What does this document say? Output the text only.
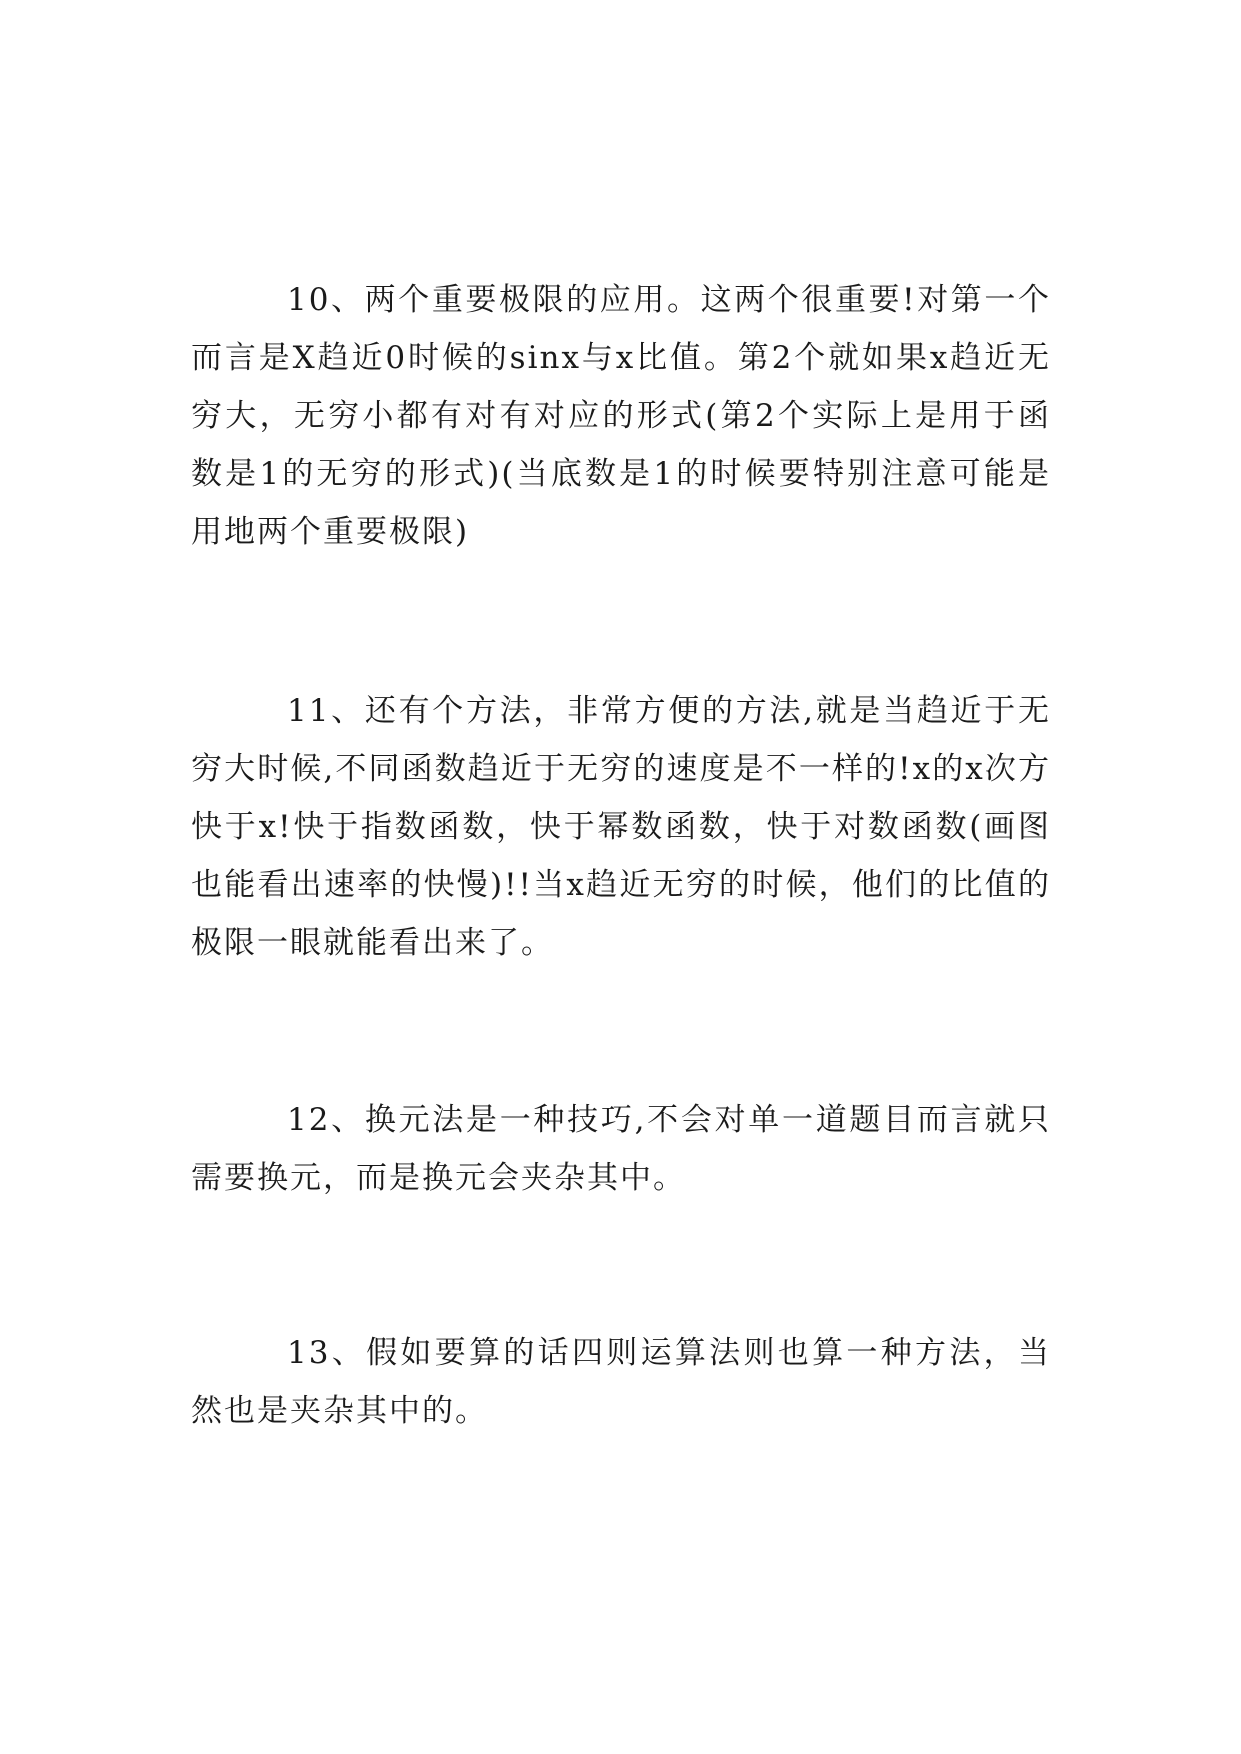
10、两个重要极限的应用。这两个很重要!对第一个而言是X趋近0时候的sinx与x比值。第2个就如果x趋近无穷大，无穷小都有对有对应的形式(第2个实际上是用于函数是1的无穷的形式)(当底数是1的时候要特别注意可能是用地两个重要极限)

11、还有个方法，非常方便的方法,就是当趋近于无穷大时候,不同函数趋近于无穷的速度是不一样的!x的x次方快于x!快于指数函数，快于幂数函数，快于对数函数(画图也能看出速率的快慢)!!当x趋近无穷的时候，他们的比值的极限一眼就能看出来了。

12、换元法是一种技巧,不会对单一道题目而言就只需要换元，而是换元会夹杂其中。

13、假如要算的话四则运算法则也算一种方法，当然也是夹杂其中的。
